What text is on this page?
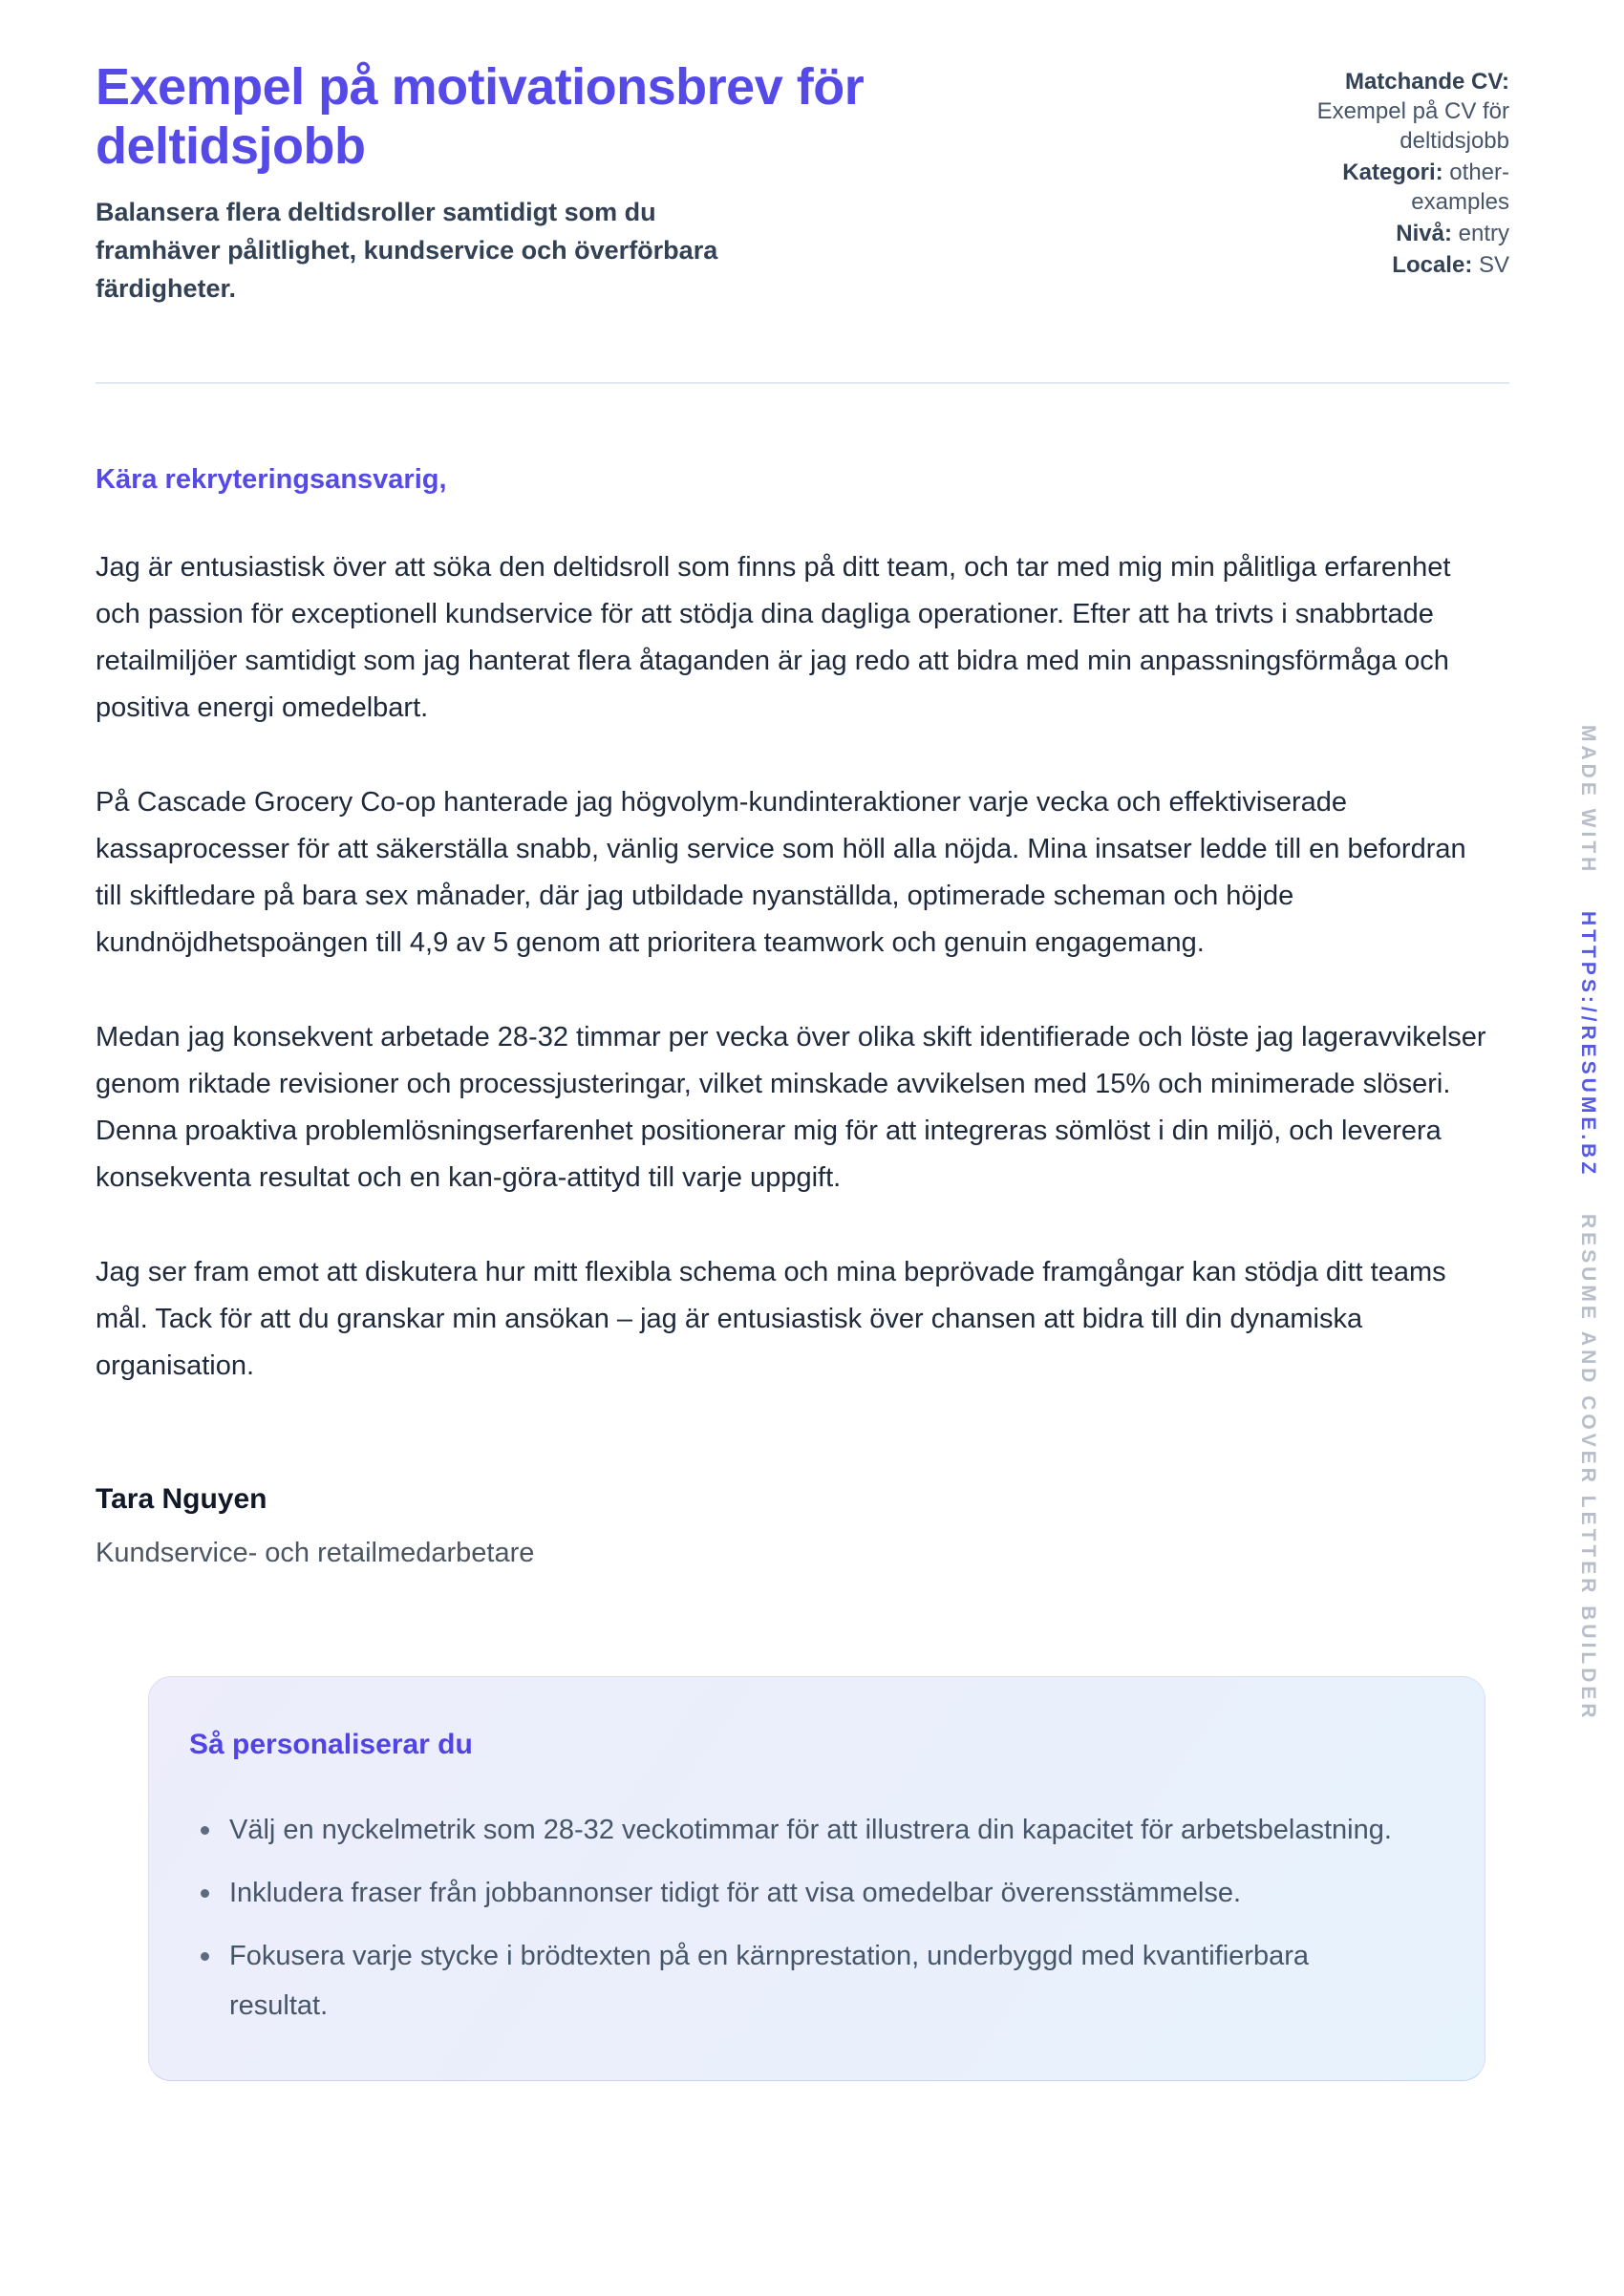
Exempel på motivationsbrev för deltidsjobb

Balansera flera deltidsroller samtidigt som du framhäver pålitlighet, kundservice och överförbara färdigheter.

Matchande CV: Exempel på CV för deltidsjobb
Kategori: other-examples
Nivå: entry
Locale: SV

Kära rekryteringsansvarig,

Jag är entusiastisk över att söka den deltidsroll som finns på ditt team, och tar med mig min pålitliga erfarenhet och passion för exceptionell kundservice för att stödja dina dagliga operationer. Efter att ha trivts i snabbrtade retailmiljöer samtidigt som jag hanterat flera åtaganden är jag redo att bidra med min anpassningsförmåga och positiva energi omedelbart.

På Cascade Grocery Co-op hanterade jag högvolym-kundinteraktioner varje vecka och effektiviserade kassaprocesser för att säkerställa snabb, vänlig service som höll alla nöjda. Mina insatser ledde till en befordran till skiftledare på bara sex månader, där jag utbildade nyanställda, optimerade scheman och höjde kundnöjdhetspoängen till 4,9 av 5 genom att prioritera teamwork och genuin engagemang.

Medan jag konsekvent arbetade 28-32 timmar per vecka över olika skift identifierade och löste jag lageravvikelser genom riktade revisioner och processjusteringar, vilket minskade avvikelsen med 15% och minimerade slöseri. Denna proaktiva problemlösningserfarenhet positionerar mig för att integreras sömlöst i din miljö, och leverera konsekventa resultat och en kan-göra-attityd till varje uppgift.

Jag ser fram emot att diskutera hur mitt flexibla schema och mina beprövade framgångar kan stödja ditt teams mål. Tack för att du granskar min ansökan – jag är entusiastisk över chansen att bidra till din dynamiska organisation.

Tara Nguyen

Kundservice- och retailmedarbetare

Så personaliserar du
Välj en nyckelmetrik som 28-32 veckotimmar för att illustrera din kapacitet för arbetsbelastning.
Inkludera fraser från jobbannonser tidigt för att visa omedelbar överensstämmelse.
Fokusera varje stycke i brödtexten på en kärnprestation, underbyggd med kvantifierbara resultat.
MADE WITH HTTPS://RESUME.BZ RESUME AND COVER LETTER BUILDER
